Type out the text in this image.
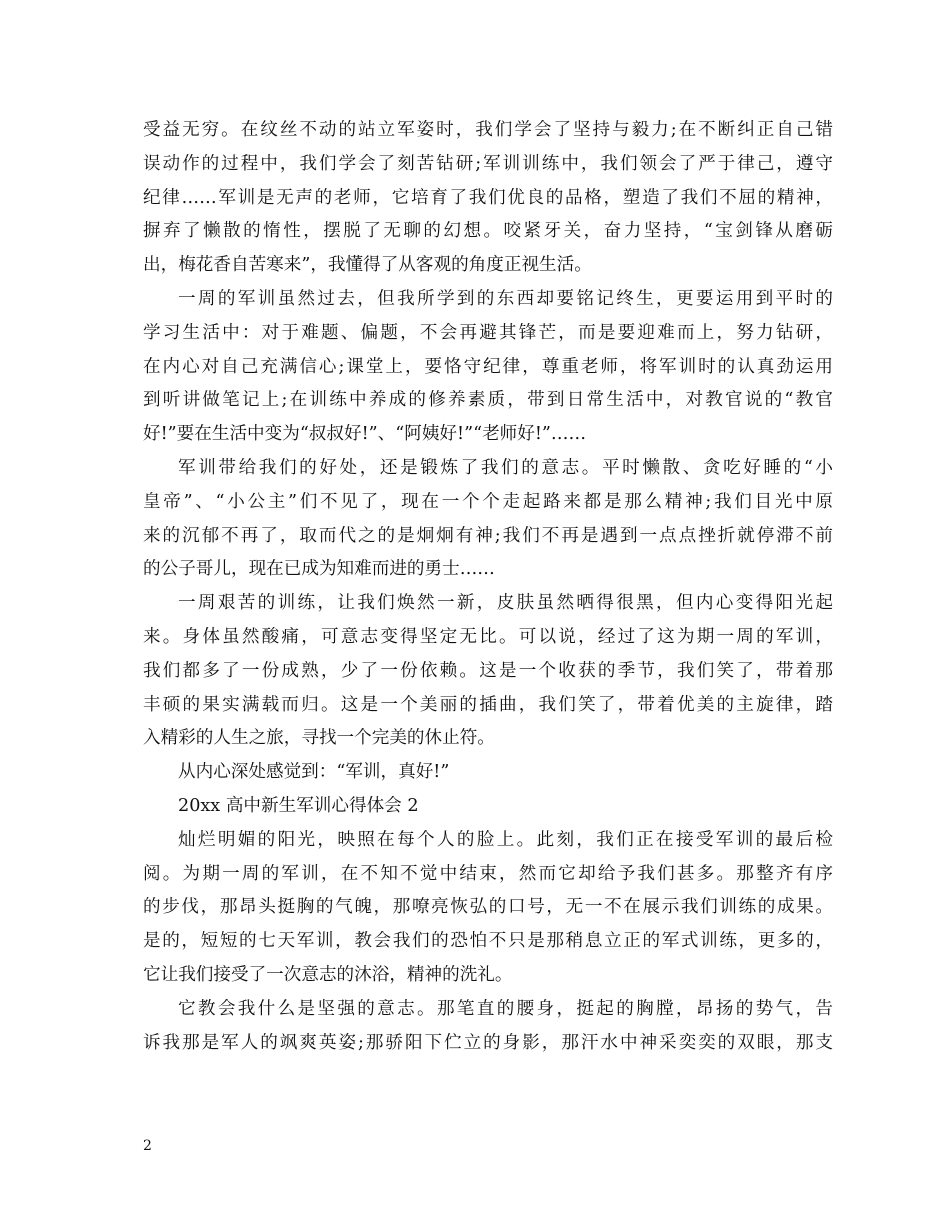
受益无穷。在纹丝不动的站立军姿时，我们学会了坚持与毅力;在不断纠正自己错
误动作的过程中，我们学会了刻苦钻研;军训训练中，我们领会了严于律己，遵守
纪律……军训是无声的老师，它培育了我们优良的品格，塑造了我们不屈的精神，
摒弃了懒散的惰性，摆脱了无聊的幻想。咬紧牙关，奋力坚持，“宝剑锋从磨砺
出，梅花香自苦寒来”，我懂得了从客观的角度正视生活。
一周的军训虽然过去，但我所学到的东西却要铭记终生，更要运用到平时的
学习生活中：对于难题、偏题，不会再避其锋芒，而是要迎难而上，努力钻研，
在内心对自己充满信心;课堂上，要恪守纪律，尊重老师，将军训时的认真劲运用
到听讲做笔记上;在训练中养成的修养素质，带到日常生活中，对教官说的“教官
好!”要在生活中变为“叔叔好!”、“阿姨好!”“老师好!”……
军训带给我们的好处，还是锻炼了我们的意志。平时懒散、贪吃好睡的“小
皇帝”、“小公主”们不见了，现在一个个走起路来都是那么精神;我们目光中原
来的沉郁不再了，取而代之的是炯炯有神;我们不再是遇到一点点挫折就停滞不前
的公子哥儿，现在已成为知难而进的勇士……
一周艰苦的训练，让我们焕然一新，皮肤虽然晒得很黑，但内心变得阳光起
来。身体虽然酸痛，可意志变得坚定无比。可以说，经过了这为期一周的军训，
我们都多了一份成熟，少了一份依赖。这是一个收获的季节，我们笑了，带着那
丰硕的果实满载而归。这是一个美丽的插曲，我们笑了，带着优美的主旋律，踏
入精彩的人生之旅，寻找一个完美的休止符。
从内心深处感觉到：“军训，真好!”
20xx 高中新生军训心得体会 2
灿烂明媚的阳光，映照在每个人的脸上。此刻，我们正在接受军训的最后检
阅。为期一周的军训，在不知不觉中结束，然而它却给予我们甚多。那整齐有序
的步伐，那昂头挺胸的气魄，那嘹亮恢弘的口号，无一不在展示我们训练的成果。
是的，短短的七天军训，教会我们的恐怕不只是那稍息立正的军式训练，更多的，
它让我们接受了一次意志的沐浴，精神的洗礼。
它教会我什么是坚强的意志。那笔直的腰身，挺起的胸膛，昂扬的势气，告
诉我那是军人的飒爽英姿;那骄阳下伫立的身影，那汗水中神采奕奕的双眼，那支
2
